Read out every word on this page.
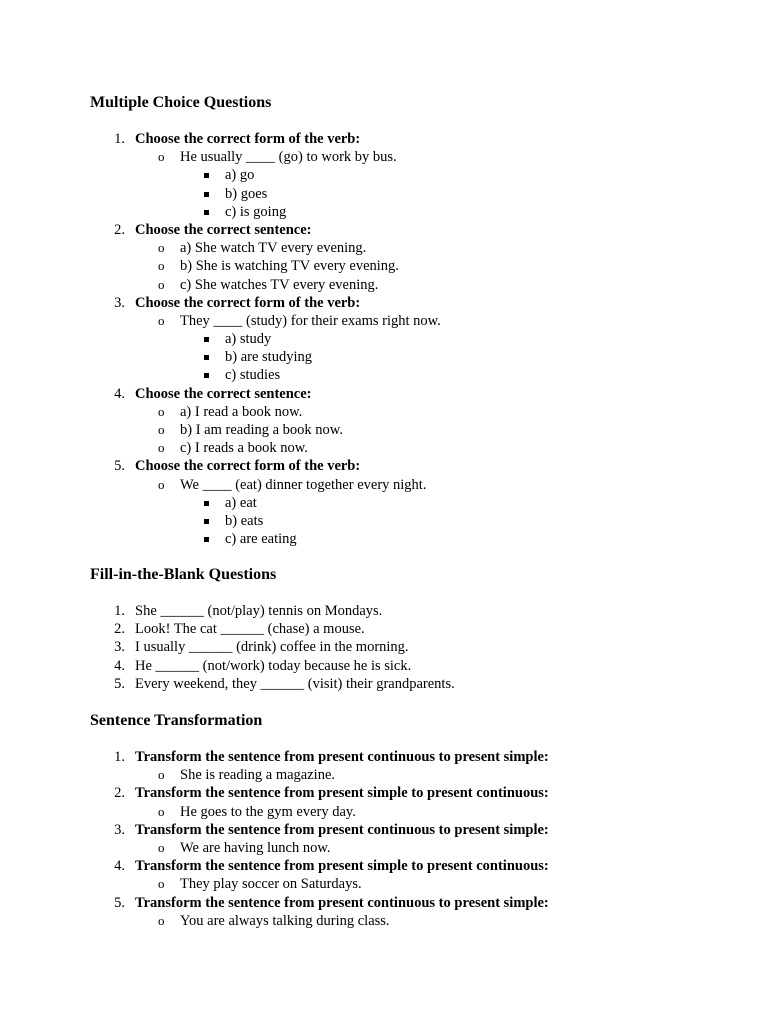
Multiple Choice Questions
1. Choose the correct form of the verb:
o He usually ____ (go) to work by bus.
a) go
b) goes
c) is going
2. Choose the correct sentence:
o a) She watch TV every evening.
o b) She is watching TV every evening.
o c) She watches TV every evening.
3. Choose the correct form of the verb:
o They ____ (study) for their exams right now.
a) study
b) are studying
c) studies
4. Choose the correct sentence:
o a) I read a book now.
o b) I am reading a book now.
o c) I reads a book now.
5. Choose the correct form of the verb:
o We ____ (eat) dinner together every night.
a) eat
b) eats
c) are eating
Fill-in-the-Blank Questions
1. She ______ (not/play) tennis on Mondays.
2. Look! The cat ______ (chase) a mouse.
3. I usually ______ (drink) coffee in the morning.
4. He ______ (not/work) today because he is sick.
5. Every weekend, they ______ (visit) their grandparents.
Sentence Transformation
1. Transform the sentence from present continuous to present simple:
o She is reading a magazine.
2. Transform the sentence from present simple to present continuous:
o He goes to the gym every day.
3. Transform the sentence from present continuous to present simple:
o We are having lunch now.
4. Transform the sentence from present simple to present continuous:
o They play soccer on Saturdays.
5. Transform the sentence from present continuous to present simple:
o You are always talking during class.
